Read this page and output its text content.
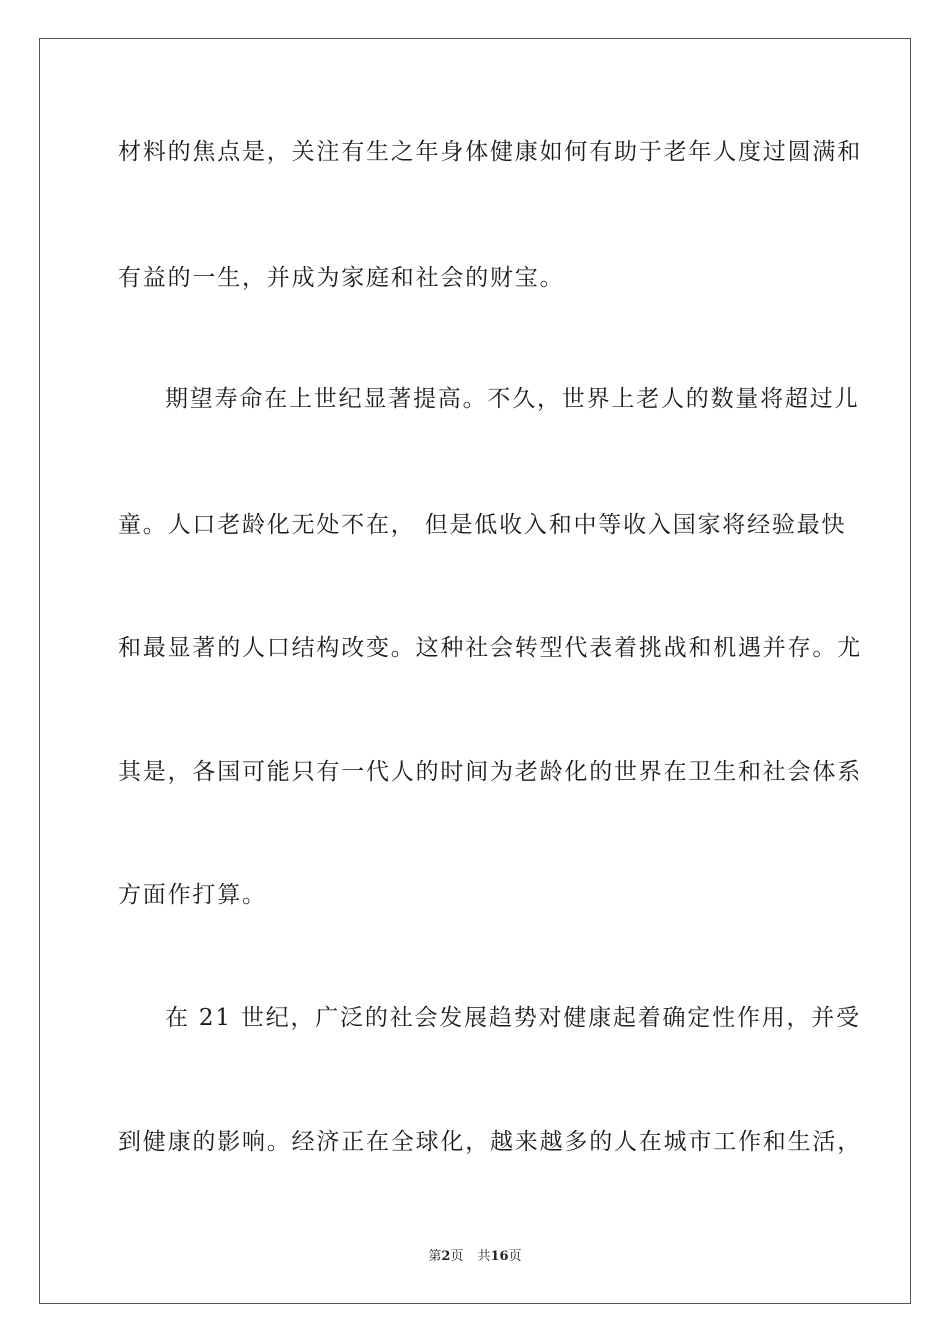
材料的焦点是，关注有生之年身体健康如何有助于老年人度过圆满和
有益的一生，并成为家庭和社会的财宝。
期望寿命在上世纪显著提高。不久，世界上老人的数量将超过儿
童。人口老龄化无处不在， 但是低收入和中等收入国家将经验最快
和最显著的人口结构改变。这种社会转型代表着挑战和机遇并存。尤
其是，各国可能只有一代人的时间为老龄化的世界在卫生和社会体系
方面作打算。
在 21 世纪，广泛的社会发展趋势对健康起着确定性作用，并受
到健康的影响。经济正在全球化，越来越多的人在城市工作和生活，
第2页 共16页
